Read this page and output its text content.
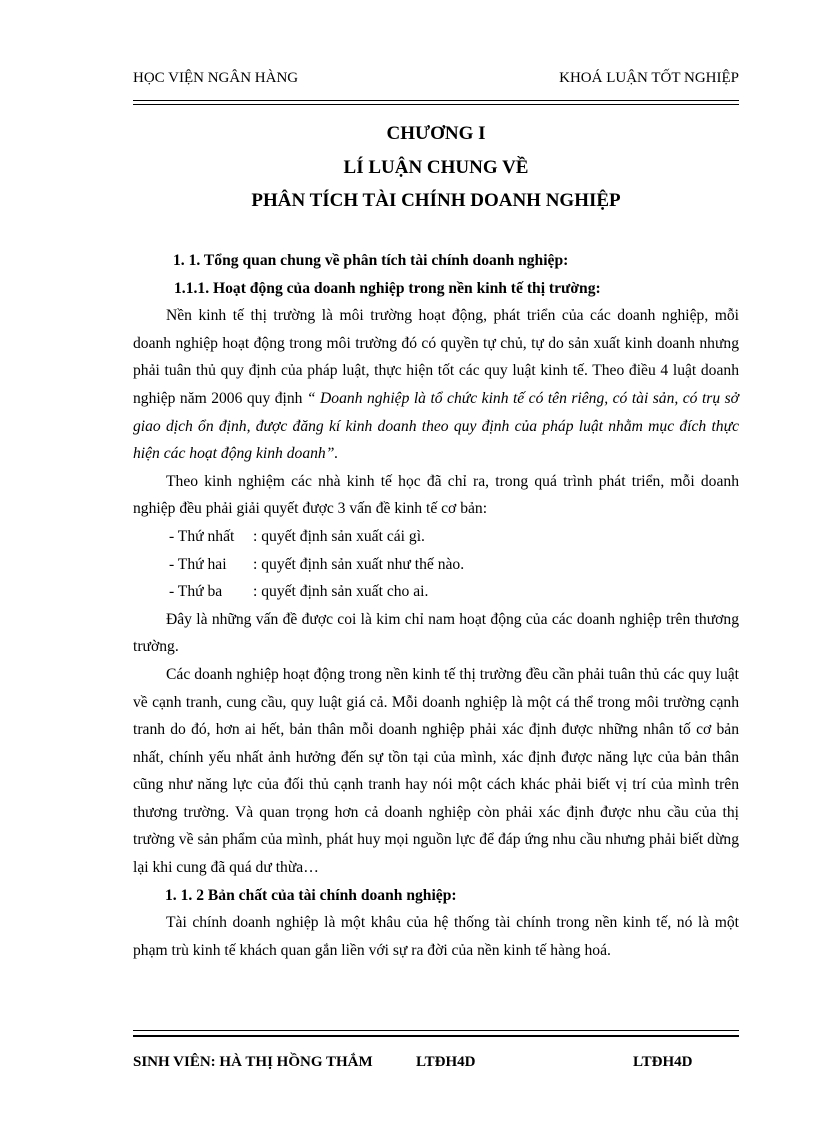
HỌC VIỆN NGÂN HÀNG	KHOÁ LUẬN TỐT NGHIỆP
CHƯƠNG I
LÍ LUẬN CHUNG VỀ
PHÂN TÍCH TÀI CHÍNH DOANH NGHIỆP

1. 1. Tổng quan chung về phân tích tài chính doanh nghiệp:

1.1.1. Hoạt động của doanh nghiệp trong nền kinh tế thị trường:

Nền kinh tế thị trường là môi trường hoạt động, phát triển của các doanh nghiệp, mỗi doanh nghiệp hoạt động trong môi trường đó có quyền tự chủ, tự do sản xuất kinh doanh nhưng phải tuân thủ quy định của pháp luật, thực hiện tốt các quy luật kinh tế. Theo điều 4 luật doanh nghiệp năm 2006 quy định “ Doanh nghiệp là tổ chức kinh tế có tên riêng, có tài sản, có trụ sở giao dịch ổn định, được đăng kí kinh doanh theo quy định của pháp luật nhằm mục đích thực hiện các hoạt động kinh doanh”.

Theo kinh nghiệm các nhà kinh tế học đã chỉ ra, trong quá trình phát triển, mỗi doanh nghiệp đều phải giải quyết được 3 vấn đề kinh tế cơ bản:

- Thứ nhất : quyết định sản xuất cái gì.

- Thứ hai : quyết định sản xuất như thế nào.

- Thứ ba : quyết định sản xuất cho ai.

Đây là những vấn đề được coi là kim chỉ nam hoạt động của các doanh nghiệp trên thương trường.

Các doanh nghiệp hoạt động trong nền kinh tế thị trường đều cần phải tuân thủ các quy luật về cạnh tranh, cung cầu, quy luật giá cả. Mỗi doanh nghiệp là một cá thể trong môi trường cạnh tranh do đó, hơn ai hết, bản thân mỗi doanh nghiệp phải xác định được những nhân tố cơ bản nhất, chính yếu nhất ảnh hưởng đến sự tồn tại của mình, xác định được năng lực của bản thân cũng như năng lực của đối thủ cạnh tranh hay nói một cách khác phải biết vị trí của mình trên thương trường. Và quan trọng hơn cả doanh nghiệp còn phải xác định được nhu cầu của thị trường về sản phẩm của mình, phát huy mọi nguồn lực để đáp ứng nhu cầu nhưng phải biết dừng lại khi cung đã quá dư thừa…

1. 1. 2 Bản chất của tài chính doanh nghiệp:

Tài chính doanh nghiệp là một khâu của hệ thống tài chính trong nền kinh tế, nó là một phạm trù kinh tế khách quan gắn liền với sự ra đời của nền kinh tế hàng hoá.

SINH VIÊN: HÀ THỊ HỒNG THẮM	LTĐH4D	LTĐH4D
